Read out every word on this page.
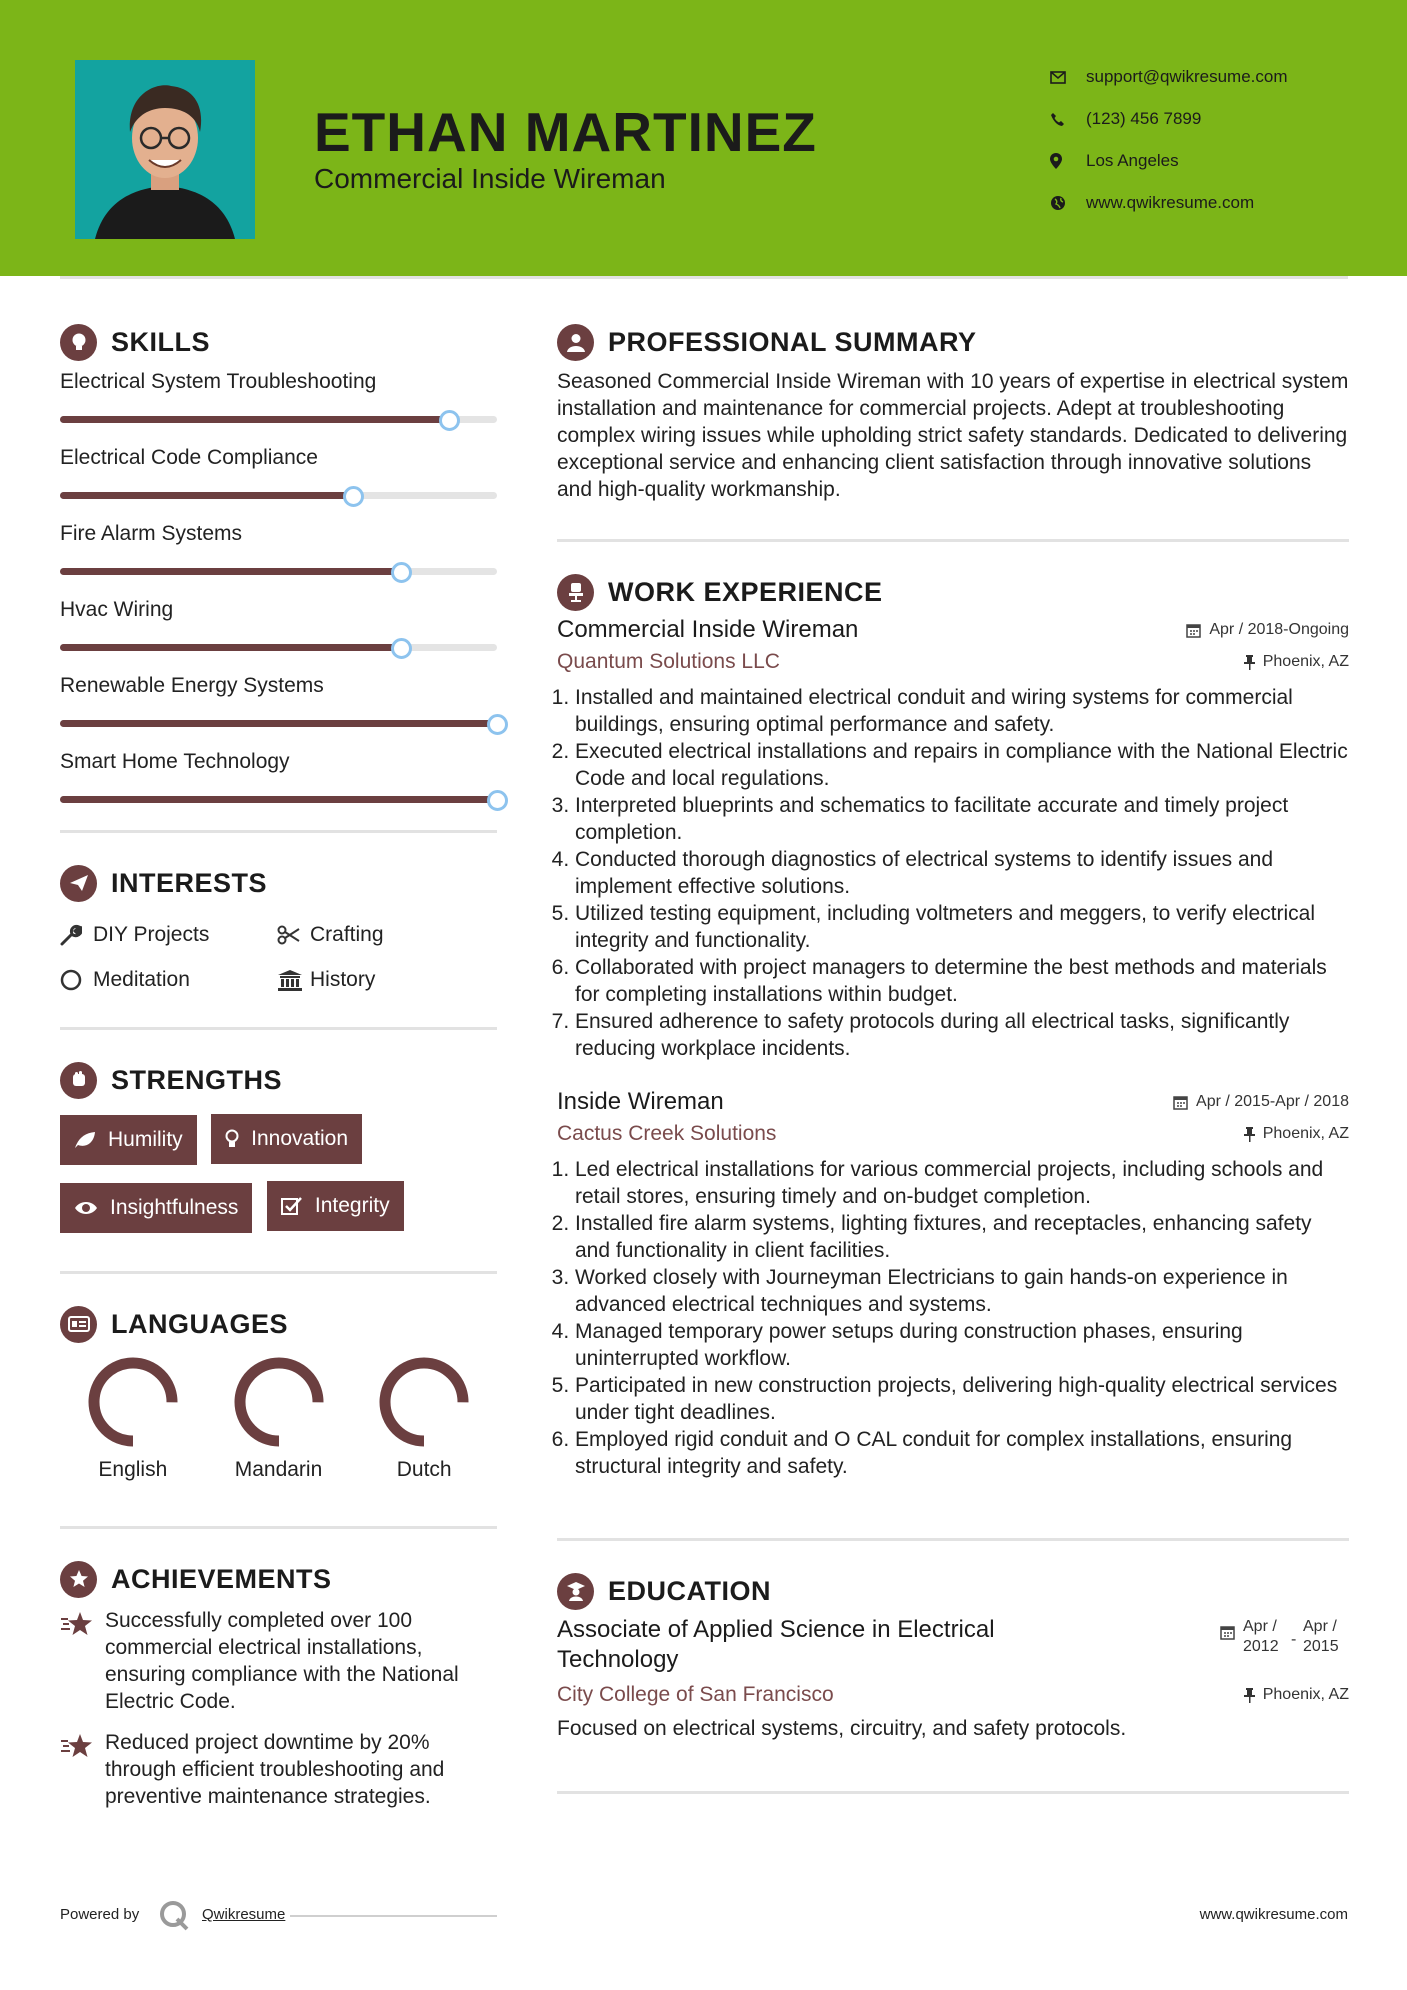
ETHAN MARTINEZ
Commercial Inside Wireman
support@qwikresume.com
(123) 456 7899
Los Angeles
www.qwikresume.com
SKILLS
Electrical System Troubleshooting
Electrical Code Compliance
Fire Alarm Systems
Hvac Wiring
Renewable Energy Systems
Smart Home Technology
INTERESTS
DIY Projects	Crafting
Meditation	History
STRENGTHS
Humility
	Innovation

Insightfulness
	Integrity
LANGUAGES
English	Mandarin	Dutch
ACHIEVEMENTS
Successfully completed over 100 commercial electrical installations, ensuring compliance with the National Electric Code.
Reduced project downtime by 20% through efficient troubleshooting and preventive maintenance strategies.
PROFESSIONAL SUMMARY
Seasoned Commercial Inside Wireman with 10 years of expertise in electrical system installation and maintenance for commercial projects. Adept at troubleshooting complex wiring issues while upholding strict safety standards. Dedicated to delivering exceptional service and enhancing client satisfaction through innovative solutions and high-quality workmanship.
WORK EXPERIENCE
Commercial Inside Wireman	Apr / 2018-Ongoing
Quantum Solutions LLC	Phoenix, AZ
1. Installed and maintained electrical conduit and wiring systems for commercial buildings, ensuring optimal performance and safety.
2. Executed electrical installations and repairs in compliance with the National Electric Code and local regulations.
3. Interpreted blueprints and schematics to facilitate accurate and timely project completion.
4. Conducted thorough diagnostics of electrical systems to identify issues and implement effective solutions.
5. Utilized testing equipment, including voltmeters and meggers, to verify electrical integrity and functionality.
6. Collaborated with project managers to determine the best methods and materials for completing installations within budget.
7. Ensured adherence to safety protocols during all electrical tasks, significantly reducing workplace incidents.
Inside Wireman	Apr / 2015-Apr / 2018
Cactus Creek Solutions	Phoenix, AZ
1. Led electrical installations for various commercial projects, including schools and retail stores, ensuring timely and on-budget completion.
2. Installed fire alarm systems, lighting fixtures, and receptacles, enhancing safety and functionality in client facilities.
3. Worked closely with Journeyman Electricians to gain hands-on experience in advanced electrical techniques and systems.
4. Managed temporary power setups during construction phases, ensuring uninterrupted workflow.
5. Participated in new construction projects, delivering high-quality electrical services under tight deadlines.
6. Employed rigid conduit and O CAL conduit for complex installations, ensuring structural integrity and safety.
EDUCATION
Associate of Applied Science in Electrical Technology
Apr / 2012 -
Apr / 2015
City College of San Francisco	Phoenix, AZ
Focused on electrical systems, circuitry, and safety protocols.
Powered by	Qwikresume	www.qwikresume.com
